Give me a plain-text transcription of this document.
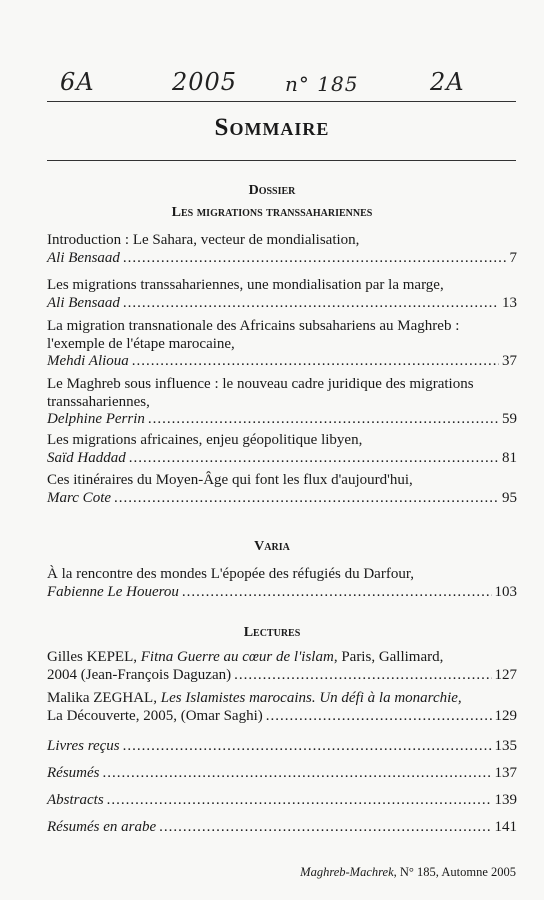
6A	2005 n° 185	2A
Sommaire
Dossier
Les migrations transsahariennes
Introduction : Le Sahara, vecteur de mondialisation,
Ali Bensaad .....	7
Les migrations transsahariennes, une mondialisation par la marge,
Ali Bensaad .....	13
La migration transnationale des Africains subsahariens au Maghreb : l'exemple de l'étape marocaine,
Mehdi Alioua .....	37
Le Maghreb sous influence : le nouveau cadre juridique des migrations transsahariennes,
Delphine Perrin .....	59
Les migrations africaines, enjeu géopolitique libyen,
Saïd Haddad .....	81
Ces itinéraires du Moyen-Âge qui font les flux d'aujourd'hui,
Marc Cote .....	95
Varia
À la rencontre des mondes L'épopée des réfugiés du Darfour,
Fabienne Le Houerou .....	103
Lectures
Gilles KEPEL, Fitna Guerre au cœur de l'islam, Paris, Gallimard,
2004 (Jean-François Daguzan) .....	127
Malika ZEGHAL, Les Islamistes marocains. Un défi à la monarchie,
La Découverte, 2005, (Omar Saghi) .....	129
Livres reçus .....	135
Résumés .....	137
Abstracts .....	139
Résumés en arabe .....	141
Maghreb-Machrek, N° 185, Automne 2005
